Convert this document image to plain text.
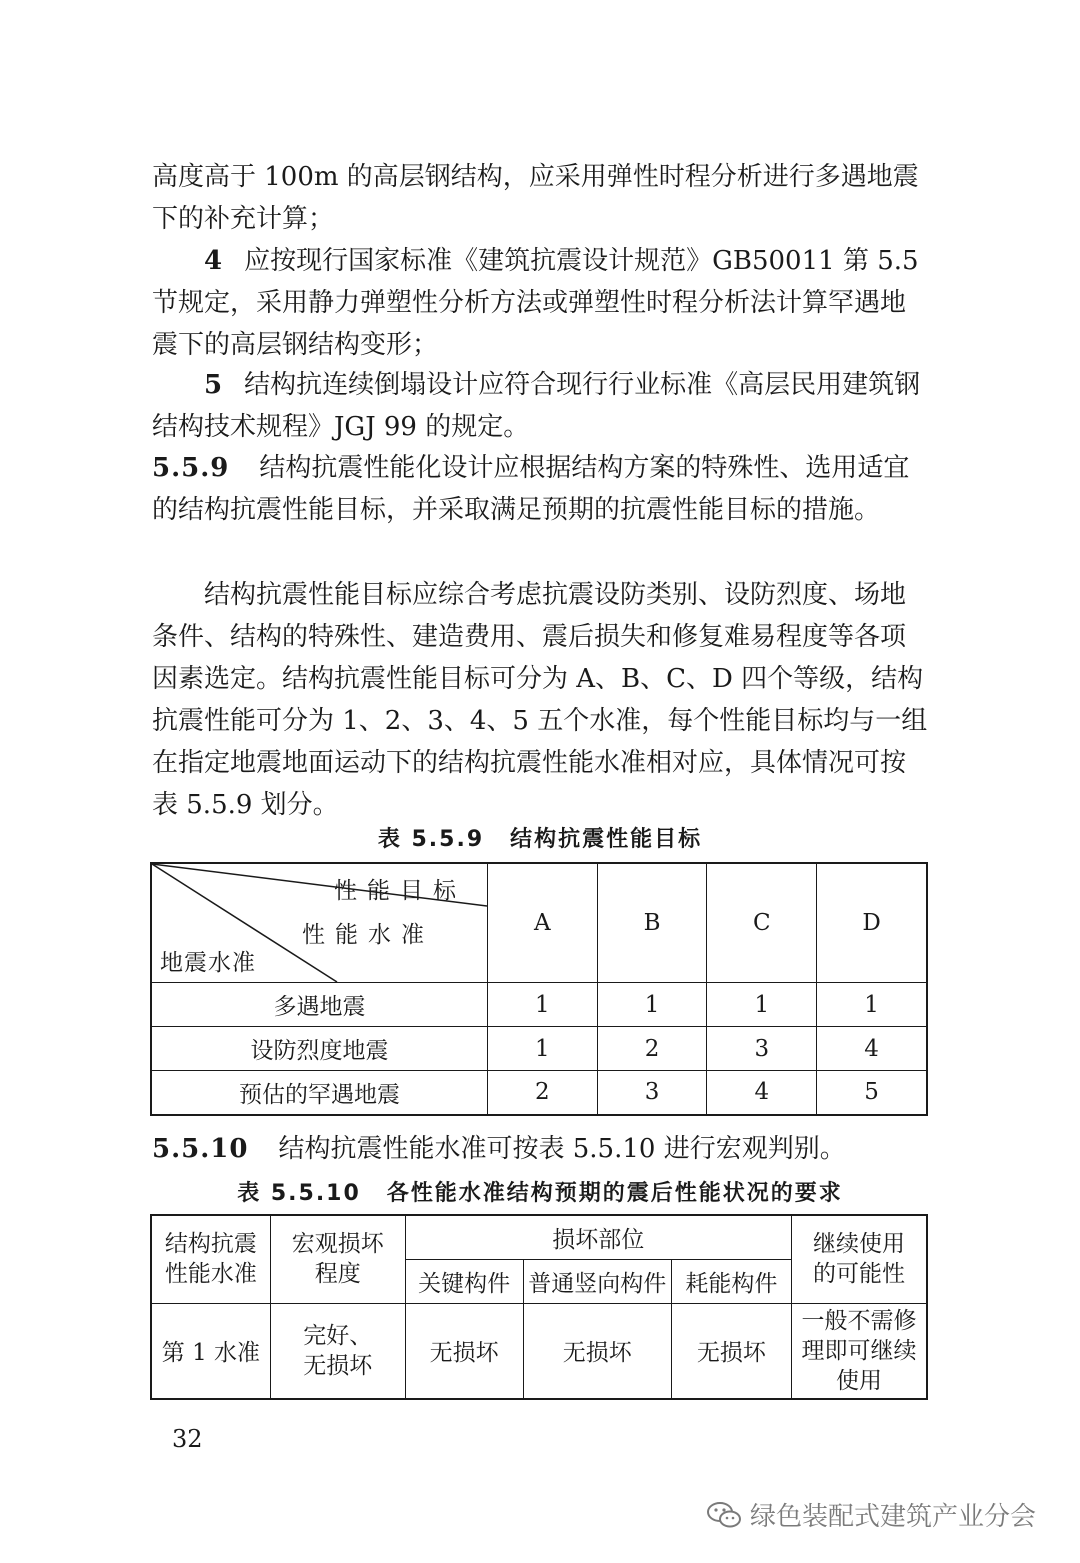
高度高于 100m 的高层钢结构，应采用弹性时程分析进行多遇地震下的补充计算；

4 应按现行国家标准《建筑抗震设计规范》GB50011 第 5.5 节规定，采用静力弹塑性分析方法或弹塑性时程分析法计算罕遇地震下的高层钢结构变形；

5 结构抗连续倒塌设计应符合现行行业标准《高层民用建筑钢结构技术规程》JGJ 99 的规定。

5.5.9 结构抗震性能化设计应根据结构方案的特殊性、选用适宜的结构抗震性能目标，并采取满足预期的抗震性能目标的措施。

结构抗震性能目标应综合考虑抗震设防类别、设防烈度、场地条件、结构的特殊性、建造费用、震后损失和修复难易程度等各项因素选定。结构抗震性能目标可分为 A、B、C、D 四个等级，结构抗震性能可分为 1、2、3、4、5 五个水准，每个性能目标均与一组在指定地震地面运动下的结构抗震性能水准相对应，具体情况可按表 5.5.9 划分。

表 5.5.9 结构抗震性能目标
性能目标
性能水准
地震水准	A	B	C	D
多遇地震	1	1	1	1
设防烈度地震	1	2	3	4
预估的罕遇地震	2	3	4	5

5.5.10 结构抗震性能水准可按表 5.5.10 进行宏观判别。

表 5.5.10 各性能水准结构预期的震后性能状况的要求
结构抗震性能水准	宏观损坏程度	损坏部位			继续使用的可能性

		关键构件	普通竖向构件	耗能构件	
第 1 水准	完好、无损坏	无损坏	无损坏	无损坏	一般不需修理即可继续使用
32
绿色装配式建筑产业分会
